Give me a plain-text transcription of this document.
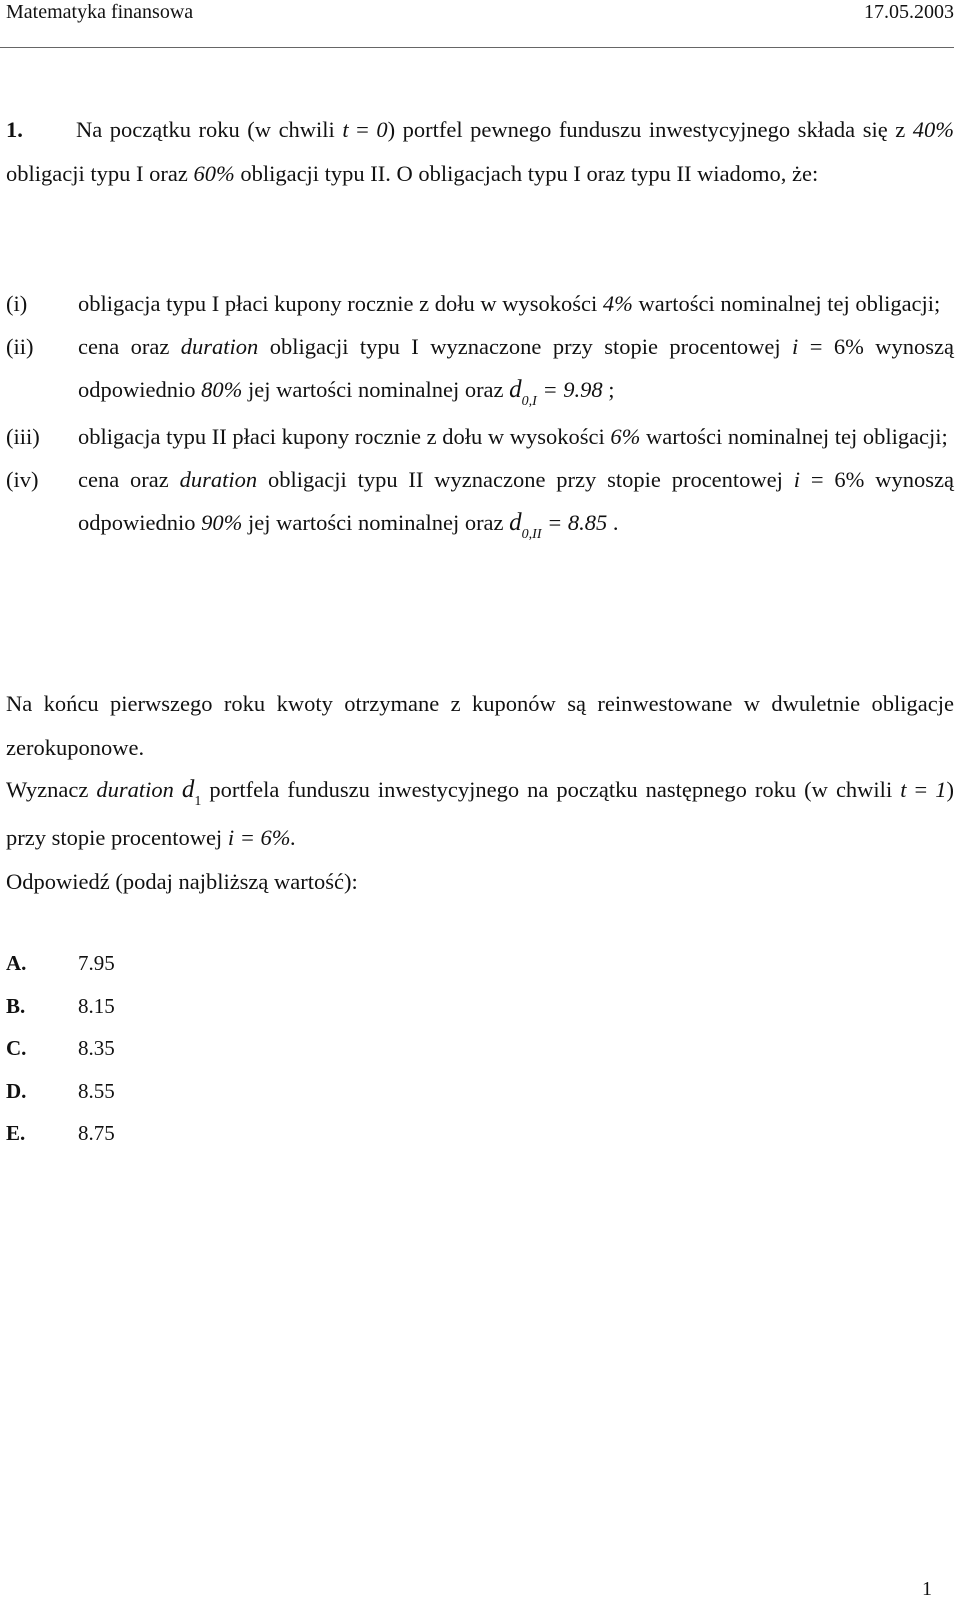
Matematyka finansowa	17.05.2003
1. Na początku roku (w chwili t = 0) portfel pewnego funduszu inwestycyjnego składa się z 40% obligacji typu I oraz 60% obligacji typu II. O obligacjach typu I oraz typu II wiadomo, że:
(i)	obligacja typu I płaci kupony rocznie z dołu w wysokości 4% wartości nominalnej tej obligacji;
(ii)	cena oraz duration obligacji typu I wyznaczone przy stopie procentowej i = 6% wynoszą odpowiednio 80% jej wartości nominalnej oraz $d_{0,I} = 9.98$ ;
(iii)	obligacja typu II płaci kupony rocznie z dołu w wysokości 6% wartości nominalnej tej obligacji;
(iv)	cena oraz duration obligacji typu II wyznaczone przy stopie procentowej i = 6% wynoszą odpowiednio 90% jej wartości nominalnej oraz $d_{0,II} = 8.85$ .
Na końcu pierwszego roku kwoty otrzymane z kuponów są reinwestowane w dwuletnie obligacje zerokuponowe.
Wyznacz duration $d_1$ portfela funduszu inwestycyjnego na początku następnego roku (w chwili t = 1) przy stopie procentowej i = 6%.
Odpowiedź (podaj najbliższą wartość):
A.	7.95
B.	8.15
C.	8.35
D.	8.55
E.	8.75
1
